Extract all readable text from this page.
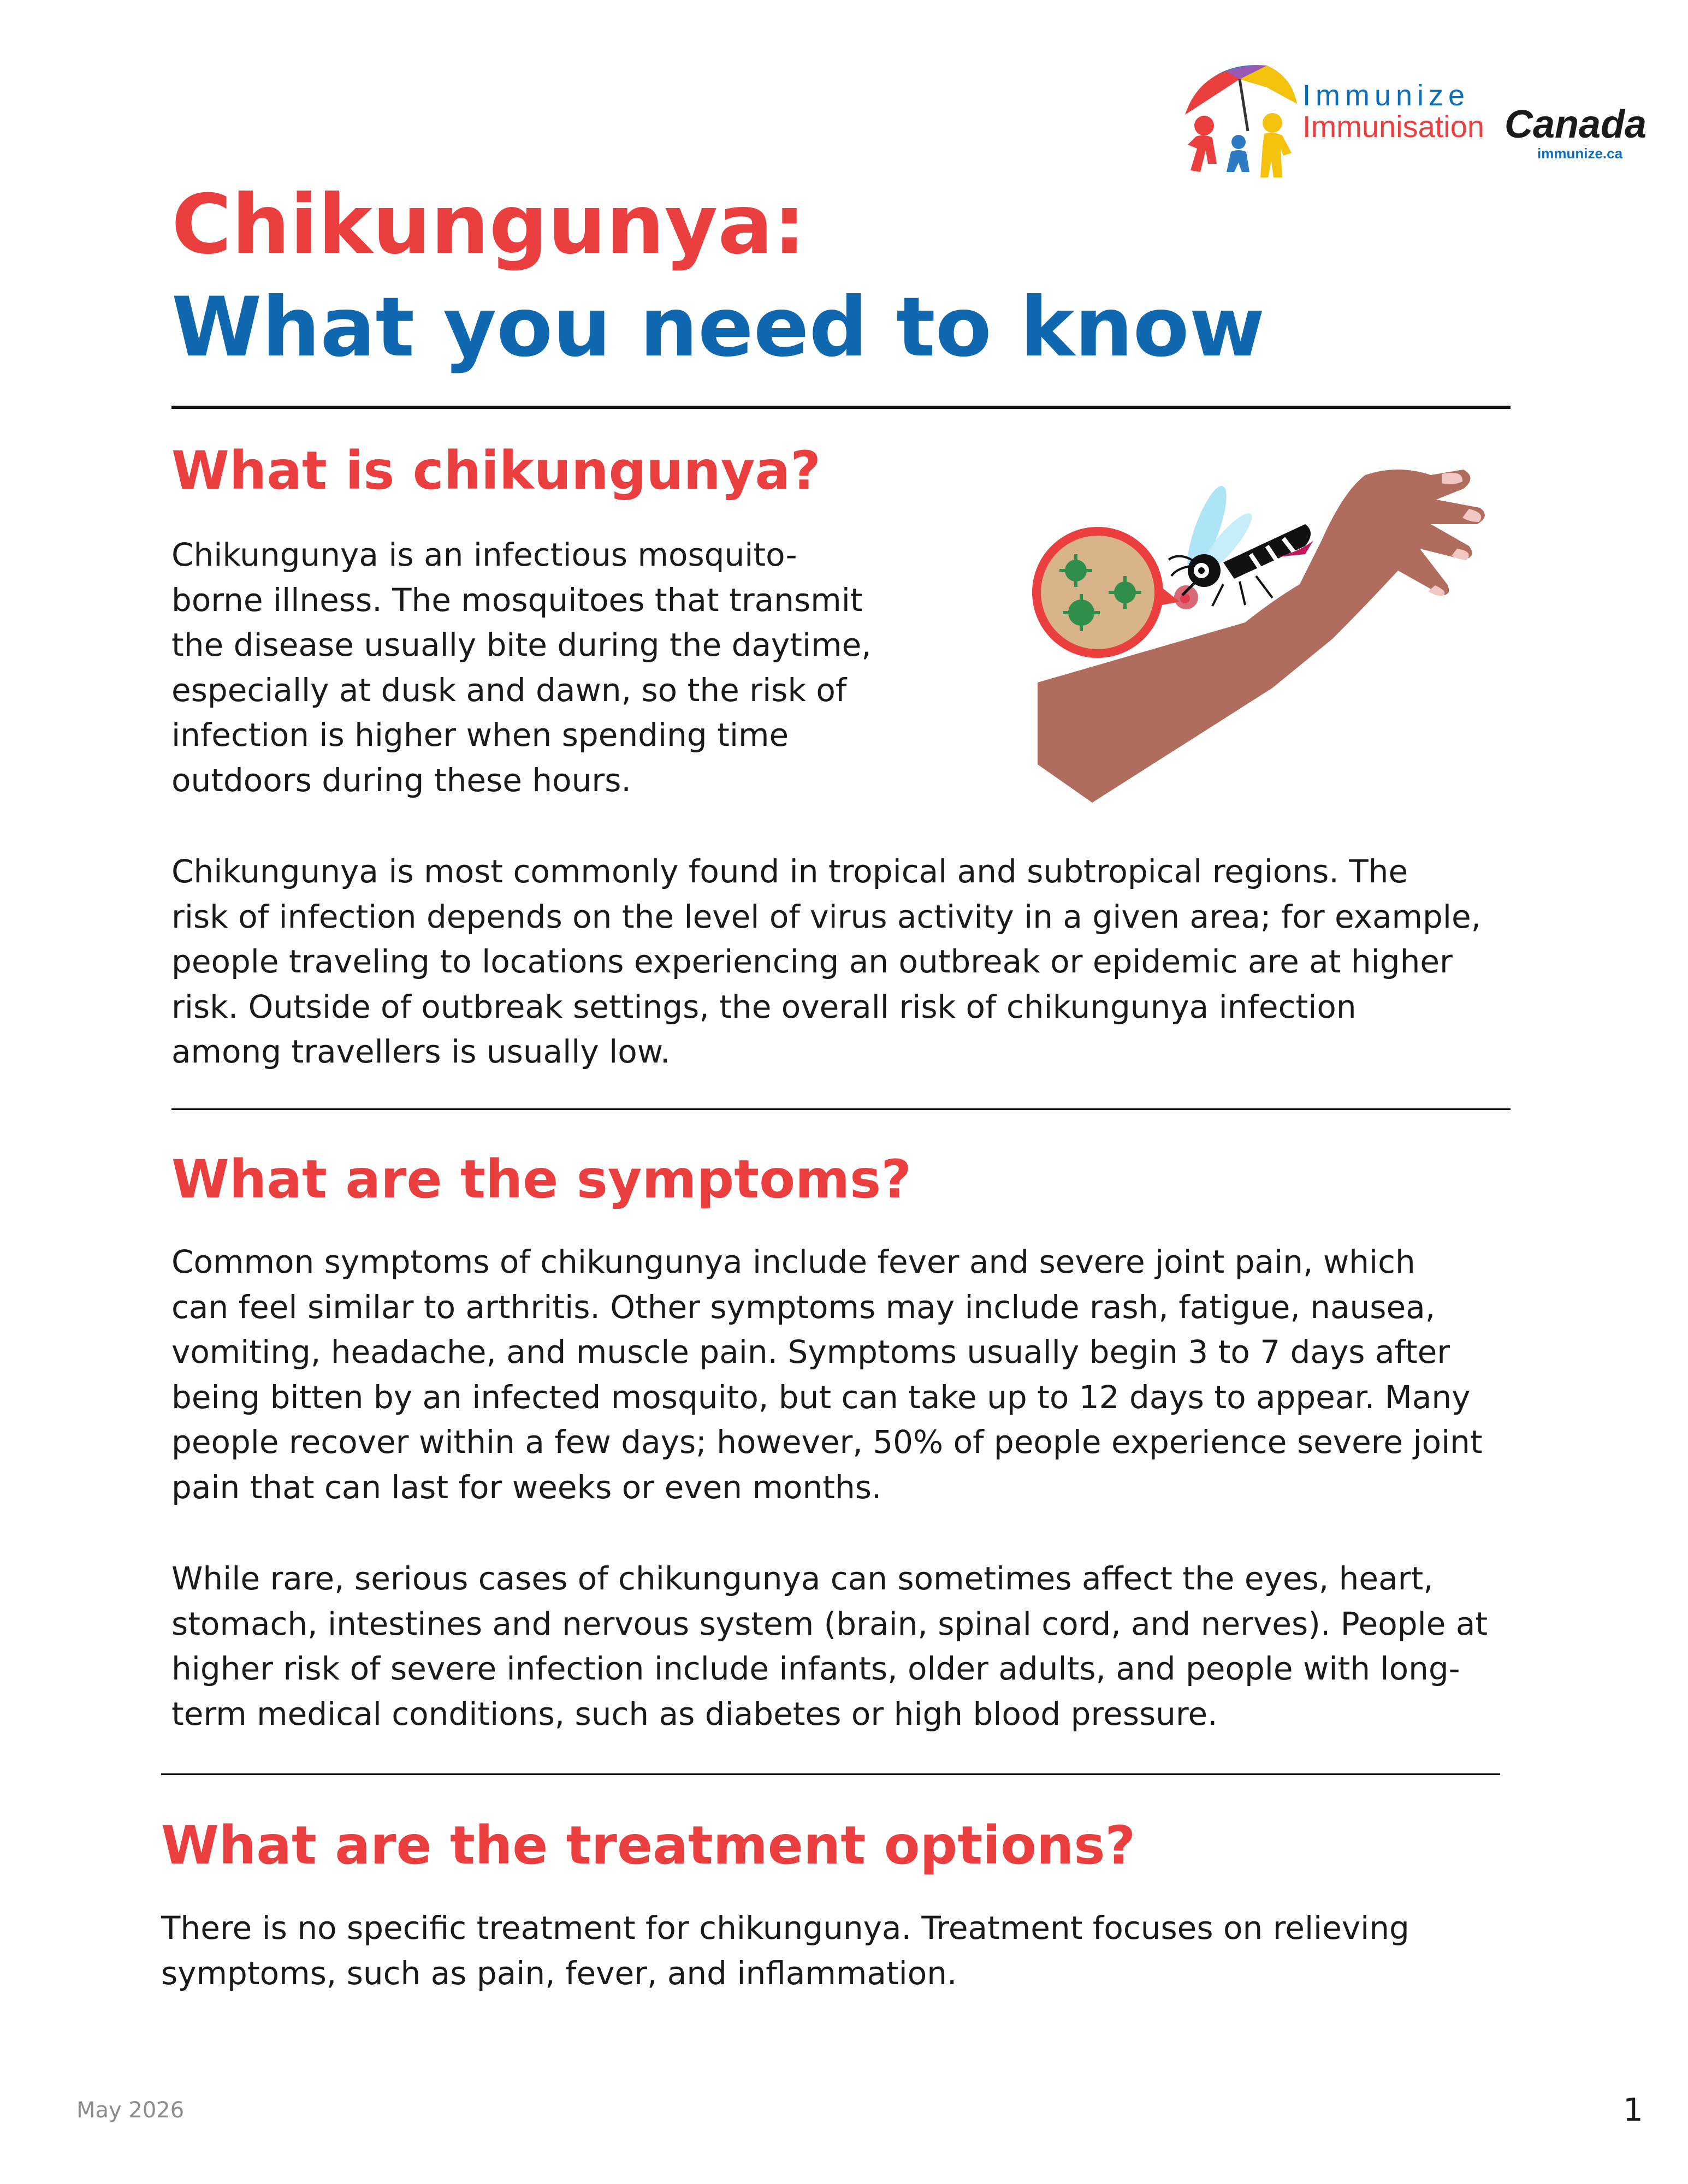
Immunize
Immunisation Canada
immunize.ca
Chikungunya:
What you need to know
What is chikungunya?

Chikungunya is an infectious mosquito-
borne illness. The mosquitoes that transmit
the disease usually bite during the daytime,
especially at dusk and dawn, so the risk of
infection is higher when spending time
outdoors during these hours.

Chikungunya is most commonly found in tropical and subtropical regions. The
risk of infection depends on the level of virus activity in a given area; for example,
people traveling to locations experiencing an outbreak or epidemic are at higher
risk. Outside of outbreak settings, the overall risk of chikungunya infection
among travellers is usually low.

What are the symptoms?

Common symptoms of chikungunya include fever and severe joint pain, which
can feel similar to arthritis. Other symptoms may include rash, fatigue, nausea,
vomiting, headache, and muscle pain. Symptoms usually begin 3 to 7 days after
being bitten by an infected mosquito, but can take up to 12 days to appear. Many
people recover within a few days; however, 50% of people experience severe joint
pain that can last for weeks or even months.

While rare, serious cases of chikungunya can sometimes affect the eyes, heart,
stomach, intestines and nervous system (brain, spinal cord, and nerves). People at
higher risk of severe infection include infants, older adults, and people with long-
term medical conditions, such as diabetes or high blood pressure.

What are the treatment options?

There is no specific treatment for chikungunya. Treatment focuses on relieving
symptoms, such as pain, fever, and inflammation.

May 2026	1
